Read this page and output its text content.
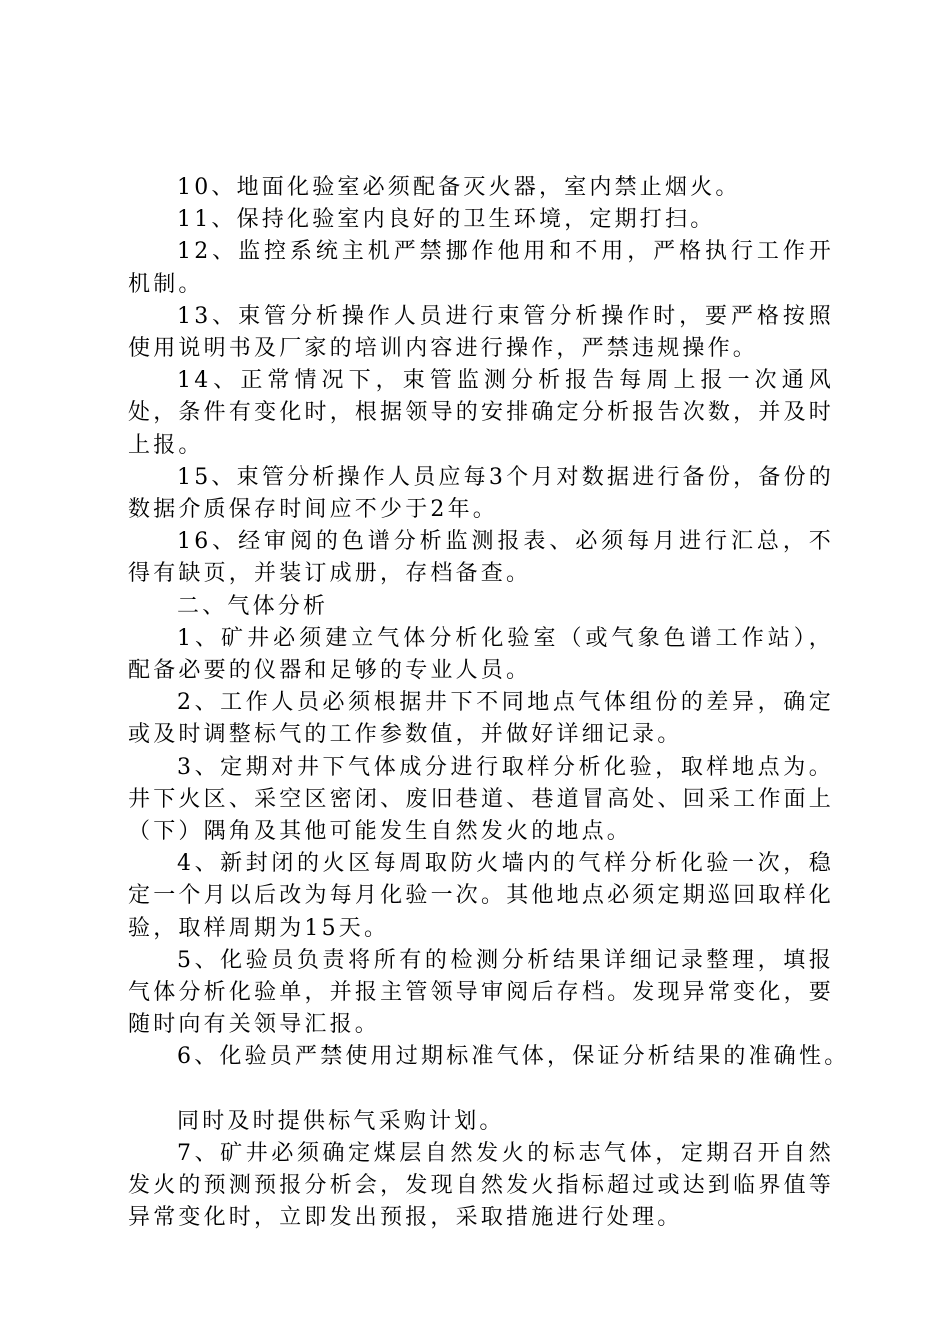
10、地面化验室必须配备灭火器，室内禁止烟火。

11、保持化验室内良好的卫生环境，定期打扫。

12、监控系统主机严禁挪作他用和不用，严格执行工作开机制。

13、束管分析操作人员进行束管分析操作时，要严格按照使用说明书及厂家的培训内容进行操作，严禁违规操作。

14、正常情况下，束管监测分析报告每周上报一次通风处，条件有变化时，根据领导的安排确定分析报告次数，并及时上报。

15、束管分析操作人员应每3个月对数据进行备份，备份的数据介质保存时间应不少于2年。

16、经审阅的色谱分析监测报表、必须每月进行汇总，不得有缺页，并装订成册，存档备查。

二、气体分析

1、矿井必须建立气体分析化验室（或气象色谱工作站），配备必要的仪器和足够的专业人员。

2、工作人员必须根据井下不同地点气体组份的差异，确定或及时调整标气的工作参数值，并做好详细记录。

3、定期对井下气体成分进行取样分析化验，取样地点为。井下火区、采空区密闭、废旧巷道、巷道冒高处、回采工作面上（下）隅角及其他可能发生自然发火的地点。

4、新封闭的火区每周取防火墙内的气样分析化验一次，稳定一个月以后改为每月化验一次。其他地点必须定期巡回取样化验，取样周期为15天。

5、化验员负责将所有的检测分析结果详细记录整理，填报气体分析化验单，并报主管领导审阅后存档。发现异常变化，要随时向有关领导汇报。

6、化验员严禁使用过期标准气体，保证分析结果的准确性。

同时及时提供标气采购计划。

7、矿井必须确定煤层自然发火的标志气体，定期召开自然发火的预测预报分析会，发现自然发火指标超过或达到临界值等异常变化时，立即发出预报，采取措施进行处理。
